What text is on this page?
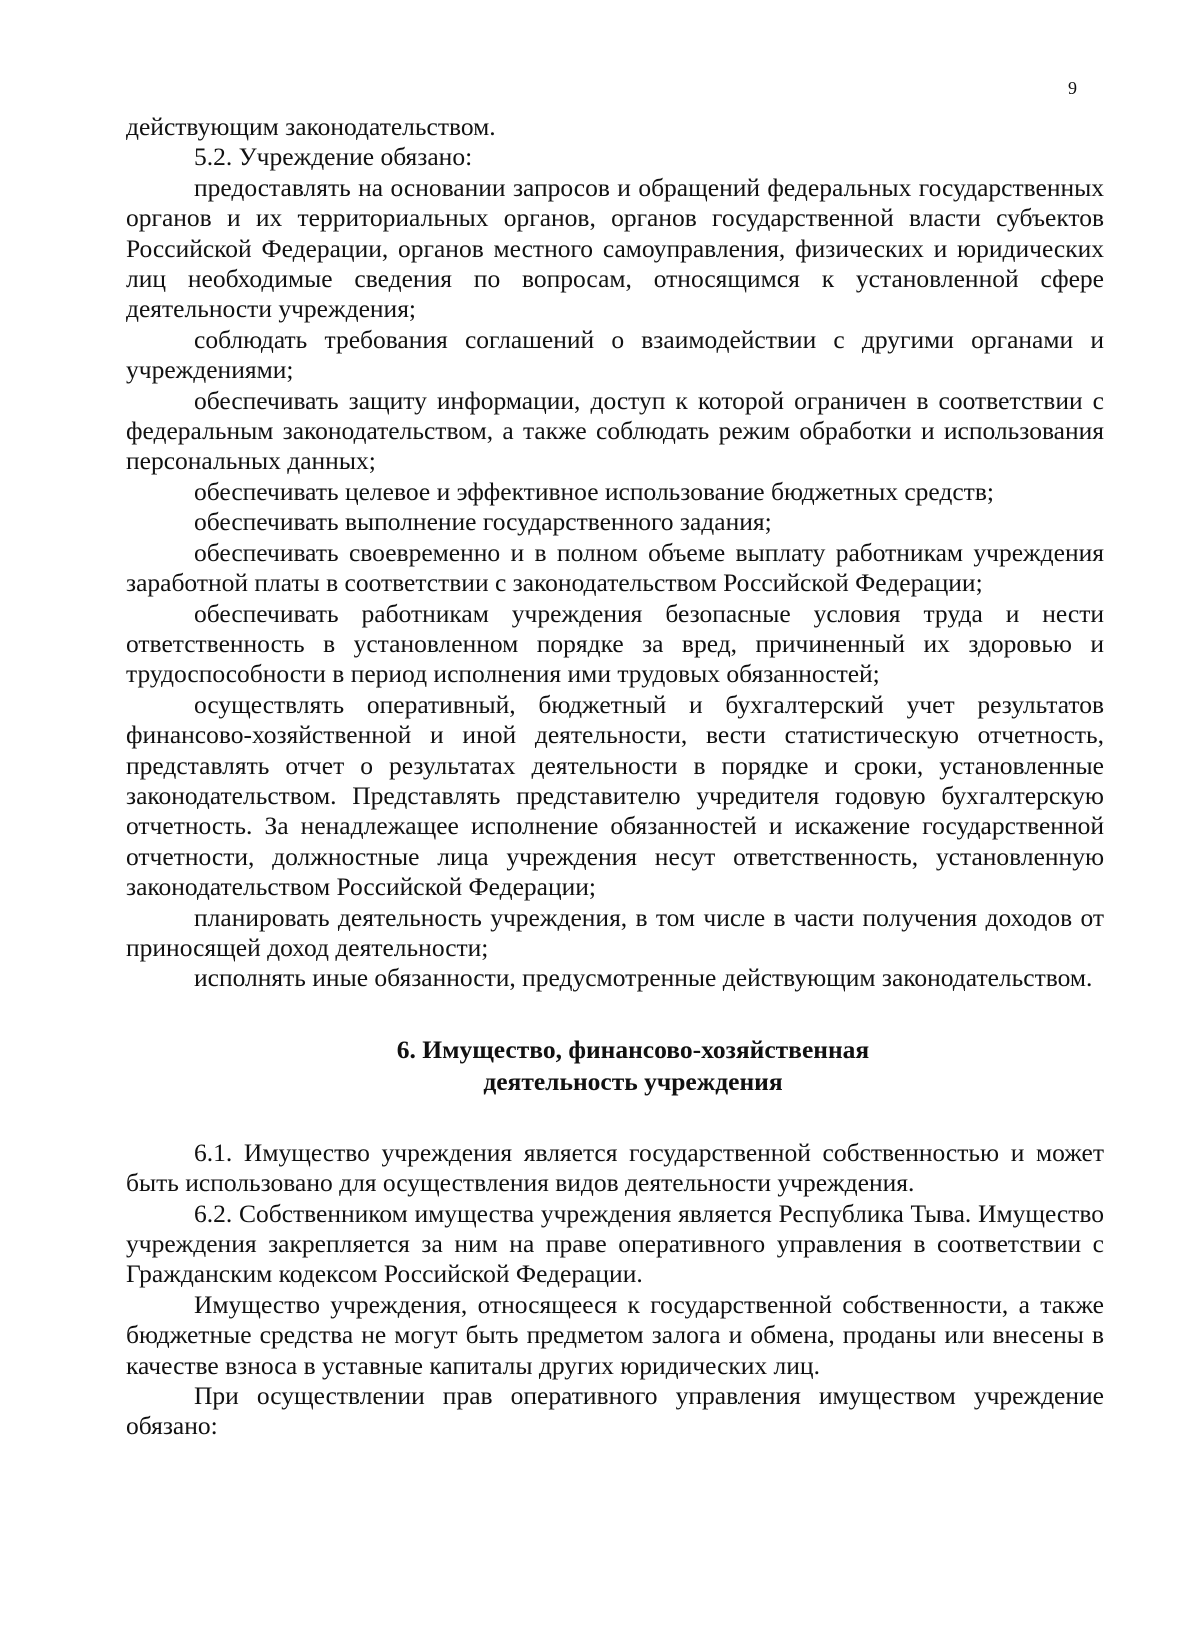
9

действующим законодательством.

5.2. Учреждение обязано:

предоставлять на основании запросов и обращений федеральных государственных органов и их территориальных органов, органов государственной власти субъектов Российской Федерации, органов местного самоуправления, физических и юридических лиц необходимые сведения по вопросам, относящимся к установленной сфере деятельности учреждения;

соблюдать требования соглашений о взаимодействии с другими органами и учреждениями;

обеспечивать защиту информации, доступ к которой ограничен в соответствии с федеральным законодательством, а также соблюдать режим обработки и использования персональных данных;

обеспечивать целевое и эффективное использование бюджетных средств;

обеспечивать выполнение государственного задания;

обеспечивать своевременно и в полном объеме выплату работникам учреждения заработной платы в соответствии с законодательством Российской Федерации;

обеспечивать работникам учреждения безопасные условия труда и нести ответственность в установленном порядке за вред, причиненный их здоровью и трудоспособности в период исполнения ими трудовых обязанностей;

осуществлять оперативный, бюджетный и бухгалтерский учет результатов финансово-хозяйственной и иной деятельности, вести статистическую отчетность, представлять отчет о результатах деятельности в порядке и сроки, установленные законодательством. Представлять представителю учредителя годовую бухгалтерскую отчетность. За ненадлежащее исполнение обязанностей и искажение государственной отчетности, должностные лица учреждения несут ответственность, установленную законодательством Российской Федерации;

планировать деятельность учреждения, в том числе в части получения доходов от приносящей доход деятельности;

исполнять иные обязанности, предусмотренные действующим законодательством.

6. Имущество, финансово-хозяйственная
деятельность учреждения

6.1. Имущество учреждения является государственной собственностью и может быть использовано для осуществления видов деятельности учреждения.

6.2. Собственником имущества учреждения является Республика Тыва. Имущество учреждения закрепляется за ним на праве оперативного управления в соответствии с Гражданским кодексом Российской Федерации.

Имущество учреждения, относящееся к государственной собственности, а также бюджетные средства не могут быть предметом залога и обмена, проданы или внесены в качестве взноса в уставные капиталы других юридических лиц.

При осуществлении прав оперативного управления имуществом учреждение обязано:
